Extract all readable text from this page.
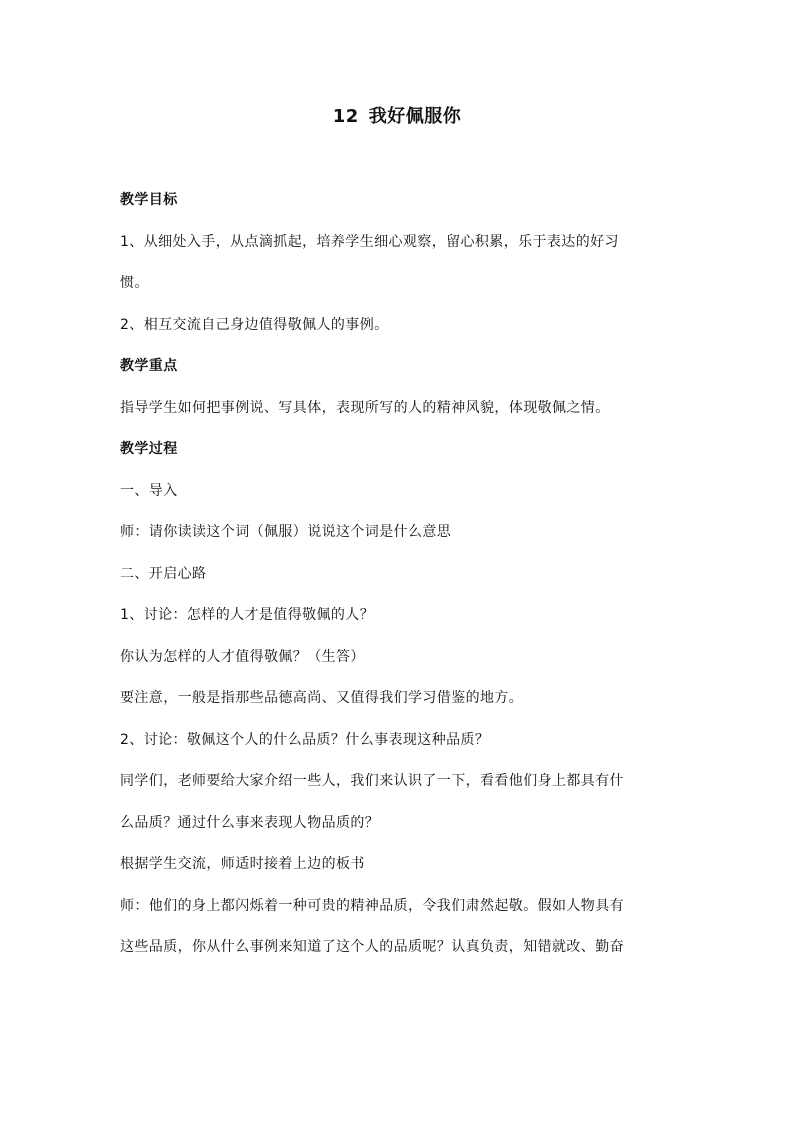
12 我好佩服你
教学目标
1、从细处入手，从点滴抓起，培养学生细心观察，留心积累，乐于表达的好习
惯。
2、相互交流自己身边值得敬佩人的事例。
教学重点
指导学生如何把事例说、写具体，表现所写的人的精神风貌，体现敬佩之情。
教学过程
一、导入
师：请你读读这个词（佩服）说说这个词是什么意思
二、开启心路
1、讨论：怎样的人才是值得敬佩的人？
你认为怎样的人才值得敬佩？（生答）
要注意，一般是指那些品德高尚、又值得我们学习借鉴的地方。
2、讨论：敬佩这个人的什么品质？什么事表现这种品质？
同学们，老师要给大家介绍一些人，我们来认识了一下，看看他们身上都具有什
么品质？通过什么事来表现人物品质的？
根据学生交流，师适时接着上边的板书
师：他们的身上都闪烁着一种可贵的精神品质，令我们肃然起敬。假如人物具有
这些品质，你从什么事例来知道了这个人的品质呢？认真负责，知错就改、勤奋
